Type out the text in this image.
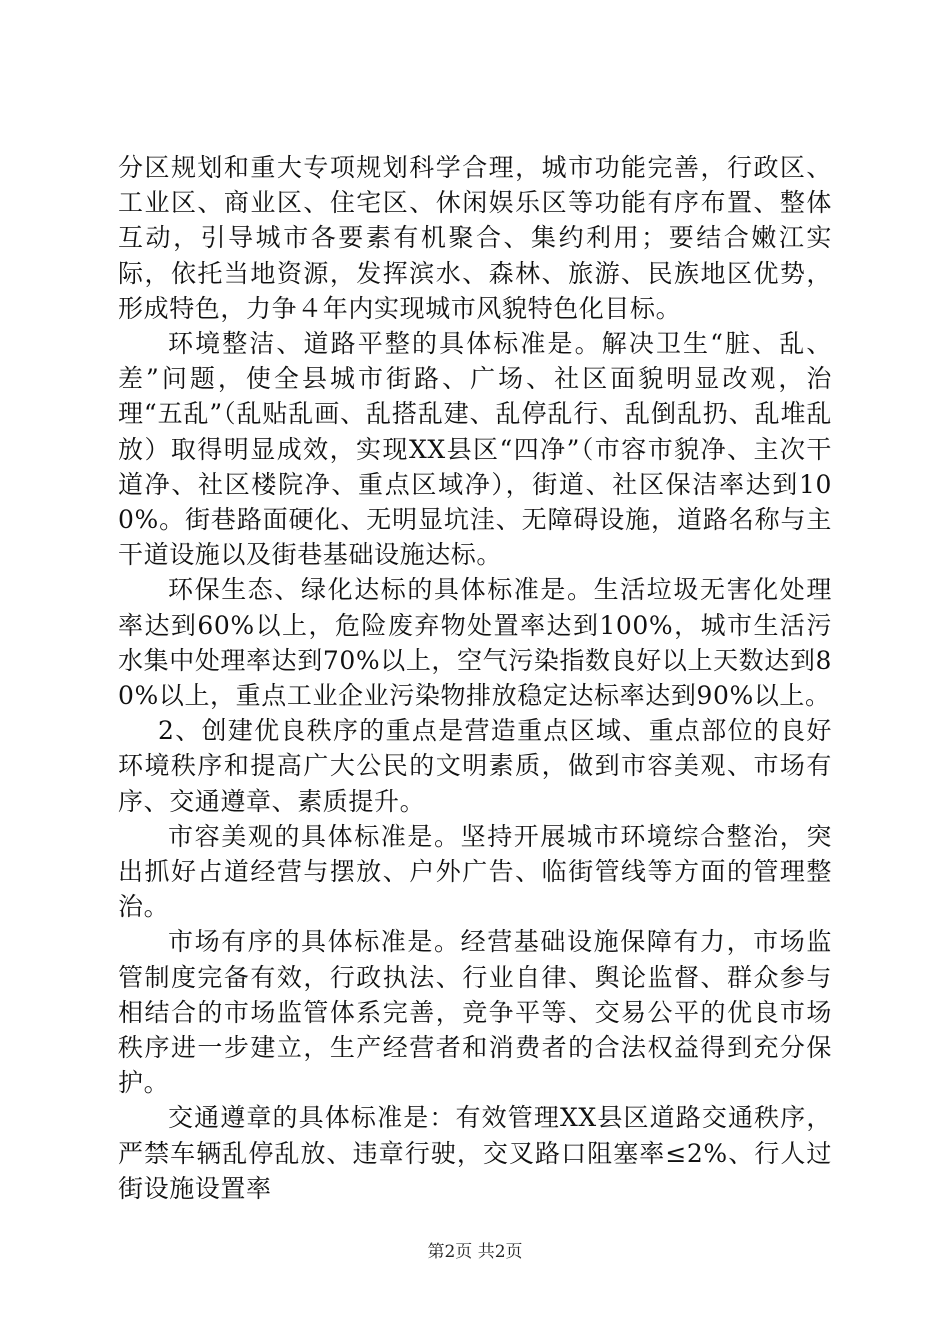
分区规划和重大专项规划科学合理，城市功能完善，行政区、工业区、商业区、住宅区、休闲娱乐区等功能有序布置、整体互动，引导城市各要素有机聚合、集约利用；要结合嫩江实际，依托当地资源，发挥滨水、森林、旅游、民族地区优势，形成特色，力争４年内实现城市风貌特色化目标。

环境整洁、道路平整的具体标准是。解决卫生“脏、乱、差”问题，使全县城市街路、广场、社区面貌明显改观，治理“五乱”（乱贴乱画、乱搭乱建、乱停乱行、乱倒乱扔、乱堆乱放）取得明显成效，实现XX县区“四净”（市容市貌净、主次干道净、社区楼院净、重点区域净），街道、社区保洁率达到100%。街巷路面硬化、无明显坑洼、无障碍设施，道路名称与主干道设施以及街巷基础设施达标。

环保生态、绿化达标的具体标准是。生活垃圾无害化处理率达到60%以上，危险废弃物处置率达到100%，城市生活污水集中处理率达到70%以上，空气污染指数良好以上天数达到80%以上，重点工业企业污染物排放稳定达标率达到90%以上。

2、创建优良秩序的重点是营造重点区域、重点部位的良好环境秩序和提高广大公民的文明素质，做到市容美观、市场有序、交通遵章、素质提升。

市容美观的具体标准是。坚持开展城市环境综合整治，突出抓好占道经营与摆放、户外广告、临街管线等方面的管理整治。

市场有序的具体标准是。经营基础设施保障有力，市场监管制度完备有效，行政执法、行业自律、舆论监督、群众参与相结合的市场监管体系完善，竞争平等、交易公平的优良市场秩序进一步建立，生产经营者和消费者的合法权益得到充分保护。

交通遵章的具体标准是：有效管理XX县区道路交通秩序，严禁车辆乱停乱放、违章行驶，交叉路口阻塞率≤2%、行人过街设施设置率

第2页 共2页
